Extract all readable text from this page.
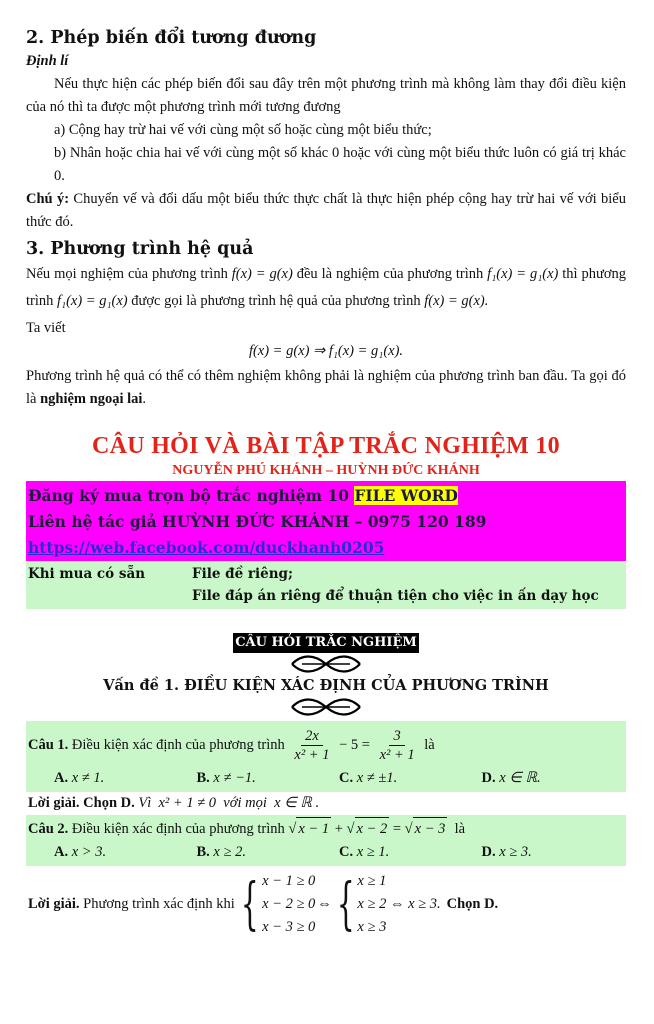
2. Phép biến đổi tương đương
Định lí

Nếu thực hiện các phép biến đổi sau đây trên một phương trình mà không làm thay đổi điều kiện của nó thì ta được một phương trình mới tương đương

a) Cộng hay trừ hai vế với cùng một số hoặc cùng một biểu thức;

b) Nhân hoặc chia hai vế với cùng một số khác 0 hoặc với cùng một biểu thức luôn có giá trị khác 0.

Chú ý: Chuyển vế và đổi dấu một biểu thức thực chất là thực hiện phép cộng hay trừ hai vế với biểu thức đó.

3. Phương trình hệ quả

Nếu mọi nghiệm của phương trình f(x) = g(x) đều là nghiệm của phương trình f₁(x) = g₁(x) thì phương trình f₁(x) = g₁(x) được gọi là phương trình hệ quả của phương trình f(x) = g(x).

Ta viết
f(x) = g(x) ⇒ f₁(x) = g₁(x).

Phương trình hệ quả có thể có thêm nghiệm không phải là nghiệm của phương trình ban đầu. Ta gọi đó là nghiệm ngoại lai.

CÂU HỎI VÀ BÀI TẬP TRẮC NGHIỆM 10
NGUYỄN PHÚ KHÁNH – HUỲNH ĐỨC KHÁNH
Đăng ký mua trọn bộ trắc nghiệm 10 FILE WORD
Liên hệ tác giả HUỲNH ĐỨC KHÁNH – 0975 120 189
https://web.facebook.com/duckhanh0205
Khi mua có sẵn	File đề riêng;
File đáp án riêng để thuận tiện cho việc in ấn dạy học
CÂU HỎI TRẮC NGHIỆM
Vấn đề 1. ĐIỀU KIỆN XÁC ĐỊNH CỦA PHƯƠNG TRÌNH
Câu 1. Điều kiện xác định của phương trình $\frac{2x}{\text{x² + 1}} - 5 = \frac{3}{\text{x² + 1}}$ là
A. x ≠ 1.	B. x ≠ −1.	C. x ≠ ±1.	D. x ∈ ℝ.
Lời giải. Chọn D. Vì  x² + 1 ≠ 0  với mọi  x ∈ ℝ .
Câu 2. Điều kiện xác định của phương trình √ x − 1 + √ x − 2 = √ x − 3 là
A. x > 3.	B. x ≥ 2.	C. x ≥ 1.	D. x ≥ 3.
Lời giải. Phương trình xác định khi { x − 1 ≥ 0
x − 2 ≥ 0
x − 3 ≥ 0
⇔ { x ≥ 1
x ≥ 2
x ≥ 3
⇔ x ≥ 3. Chọn D.
